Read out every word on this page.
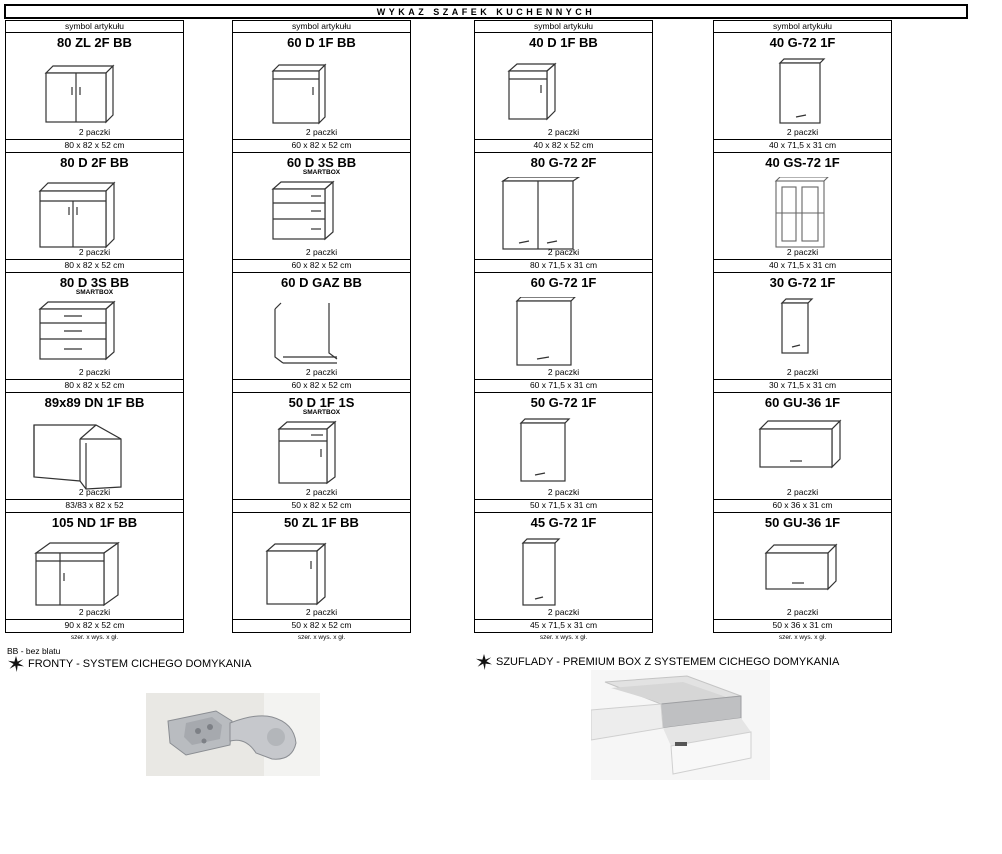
WYKAZ SZAFEK KUCHENNYCH
symbol artykułu
80 ZL 2F BB
2 paczki
80 x 82 x 52 cm
80 D 2F BB
2 paczki
80 x 82 x 52 cm
80 D 3S BB
SMARTBOX
2 paczki
80 x 82 x 52 cm
89x89 DN 1F BB
2 paczki
83/83 x 82 x 52
105 ND 1F BB
2 paczki
90 x 82 x 52 cm
szer. x wys. x gł.
symbol artykułu
60 D 1F BB
2 paczki
60 x 82 x 52 cm
60 D 3S BB
SMARTBOX
2 paczki
60 x 82 x 52 cm
60 D GAZ BB
2 paczki
60 x 82 x 52 cm
50 D 1F 1S
SMARTBOX
2 paczki
50 x 82 x 52 cm
50 ZL 1F BB
2 paczki
50 x 82 x 52 cm
szer. x wys. x gł.
symbol artykułu
40 D 1F BB
2 paczki
40 x 82 x 52 cm
80 G-72 2F
2 paczki
80 x 71,5 x 31 cm
60 G-72 1F
2 paczki
60 x 71,5 x 31 cm
50 G-72 1F
2 paczki
50 x 71,5 x 31 cm
45 G-72 1F
2 paczki
45 x 71,5 x 31 cm
szer. x wys. x gł.
symbol artykułu
40 G-72 1F
2 paczki
40 x 71,5 x 31 cm
40 GS-72 1F
2 paczki
40 x 71,5 x 31 cm
30 G-72 1F
2 paczki
30 x 71,5 x 31 cm
60 GU-36 1F
2 paczki
60 x 36 x 31 cm
50 GU-36 1F
2 paczki
50 x 36 x 31 cm
szer. x wys. x gł.
BB - bez blatu
FRONTY - SYSTEM CICHEGO DOMYKANIA	SZUFLADY - PREMIUM BOX Z SYSTEMEM CICHEGO DOMYKANIA
